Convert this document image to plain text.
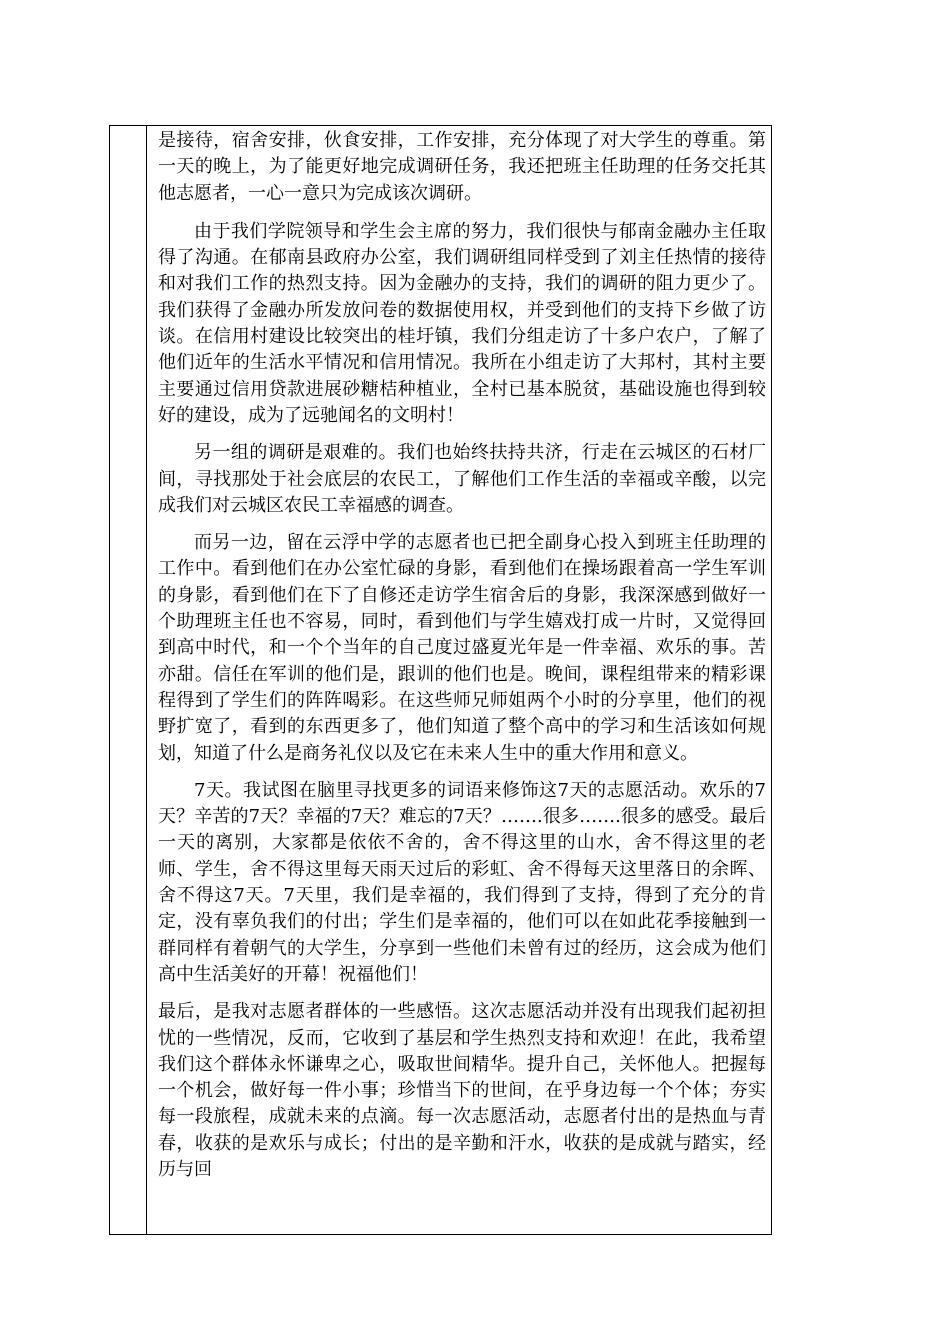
是接待，宿舍安排，伙食安排，工作安排，充分体现了对大学生的尊重。第一天的晚上，为了能更好地完成调研任务，我还把班主任助理的任务交托其他志愿者，一心一意只为完成该次调研。

由于我们学院领导和学生会主席的努力，我们很快与郁南金融办主任取得了沟通。在郁南县政府办公室，我们调研组同样受到了刘主任热情的接待和对我们工作的热烈支持。因为金融办的支持，我们的调研的阻力更少了。我们获得了金融办所发放问卷的数据使用权，并受到他们的支持下乡做了访谈。在信用村建设比较突出的桂圩镇，我们分组走访了十多户农户，了解了他们近年的生活水平情况和信用情况。我所在小组走访了大邦村，其村主要主要通过信用贷款进展砂糖桔种植业，全村已基本脱贫，基础设施也得到较好的建设，成为了远驰闻名的文明村！

另一组的调研是艰难的。我们也始终扶持共济，行走在云城区的石材厂间，寻找那处于社会底层的农民工，了解他们工作生活的幸福或辛酸，以完成我们对云城区农民工幸福感的调查。

而另一边，留在云浮中学的志愿者也已把全副身心投入到班主任助理的工作中。看到他们在办公室忙碌的身影，看到他们在操场跟着高一学生军训的身影，看到他们在下了自修还走访学生宿舍后的身影，我深深感到做好一个助理班主任也不容易，同时，看到他们与学生嬉戏打成一片时，又觉得回到高中时代，和一个个当年的自己度过盛夏光年是一件幸福、欢乐的事。苦亦甜。信任在军训的他们是，跟训的他们也是。晚间，课程组带来的精彩课程得到了学生们的阵阵喝彩。在这些师兄师姐两个小时的分享里，他们的视野扩宽了，看到的东西更多了，他们知道了整个高中的学习和生活该如何规划，知道了什么是商务礼仪以及它在未来人生中的重大作用和意义。

7天。我试图在脑里寻找更多的词语来修饰这7天的志愿活动。欢乐的7天？辛苦的7天？幸福的7天？难忘的7天？…….很多…….很多的感受。最后一天的离别，大家都是依依不舍的，舍不得这里的山水，舍不得这里的老师、学生，舍不得这里每天雨天过后的彩虹、舍不得每天这里落日的余晖、舍不得这7天。7天里，我们是幸福的，我们得到了支持，得到了充分的肯定，没有辜负我们的付出；学生们是幸福的，他们可以在如此花季接触到一群同样有着朝气的大学生，分享到一些他们未曾有过的经历，这会成为他们高中生活美好的开幕！祝福他们！

最后，是我对志愿者群体的一些感悟。这次志愿活动并没有出现我们起初担忧的一些情况，反而，它收到了基层和学生热烈支持和欢迎！在此，我希望我们这个群体永怀谦卑之心，吸取世间精华。提升自己，关怀他人。把握每一个机会，做好每一件小事；珍惜当下的世间，在乎身边每一个个体；夯实每一段旅程，成就未来的点滴。每一次志愿活动，志愿者付出的是热血与青春，收获的是欢乐与成长；付出的是辛勤和汗水，收获的是成就与踏实，经历与回
